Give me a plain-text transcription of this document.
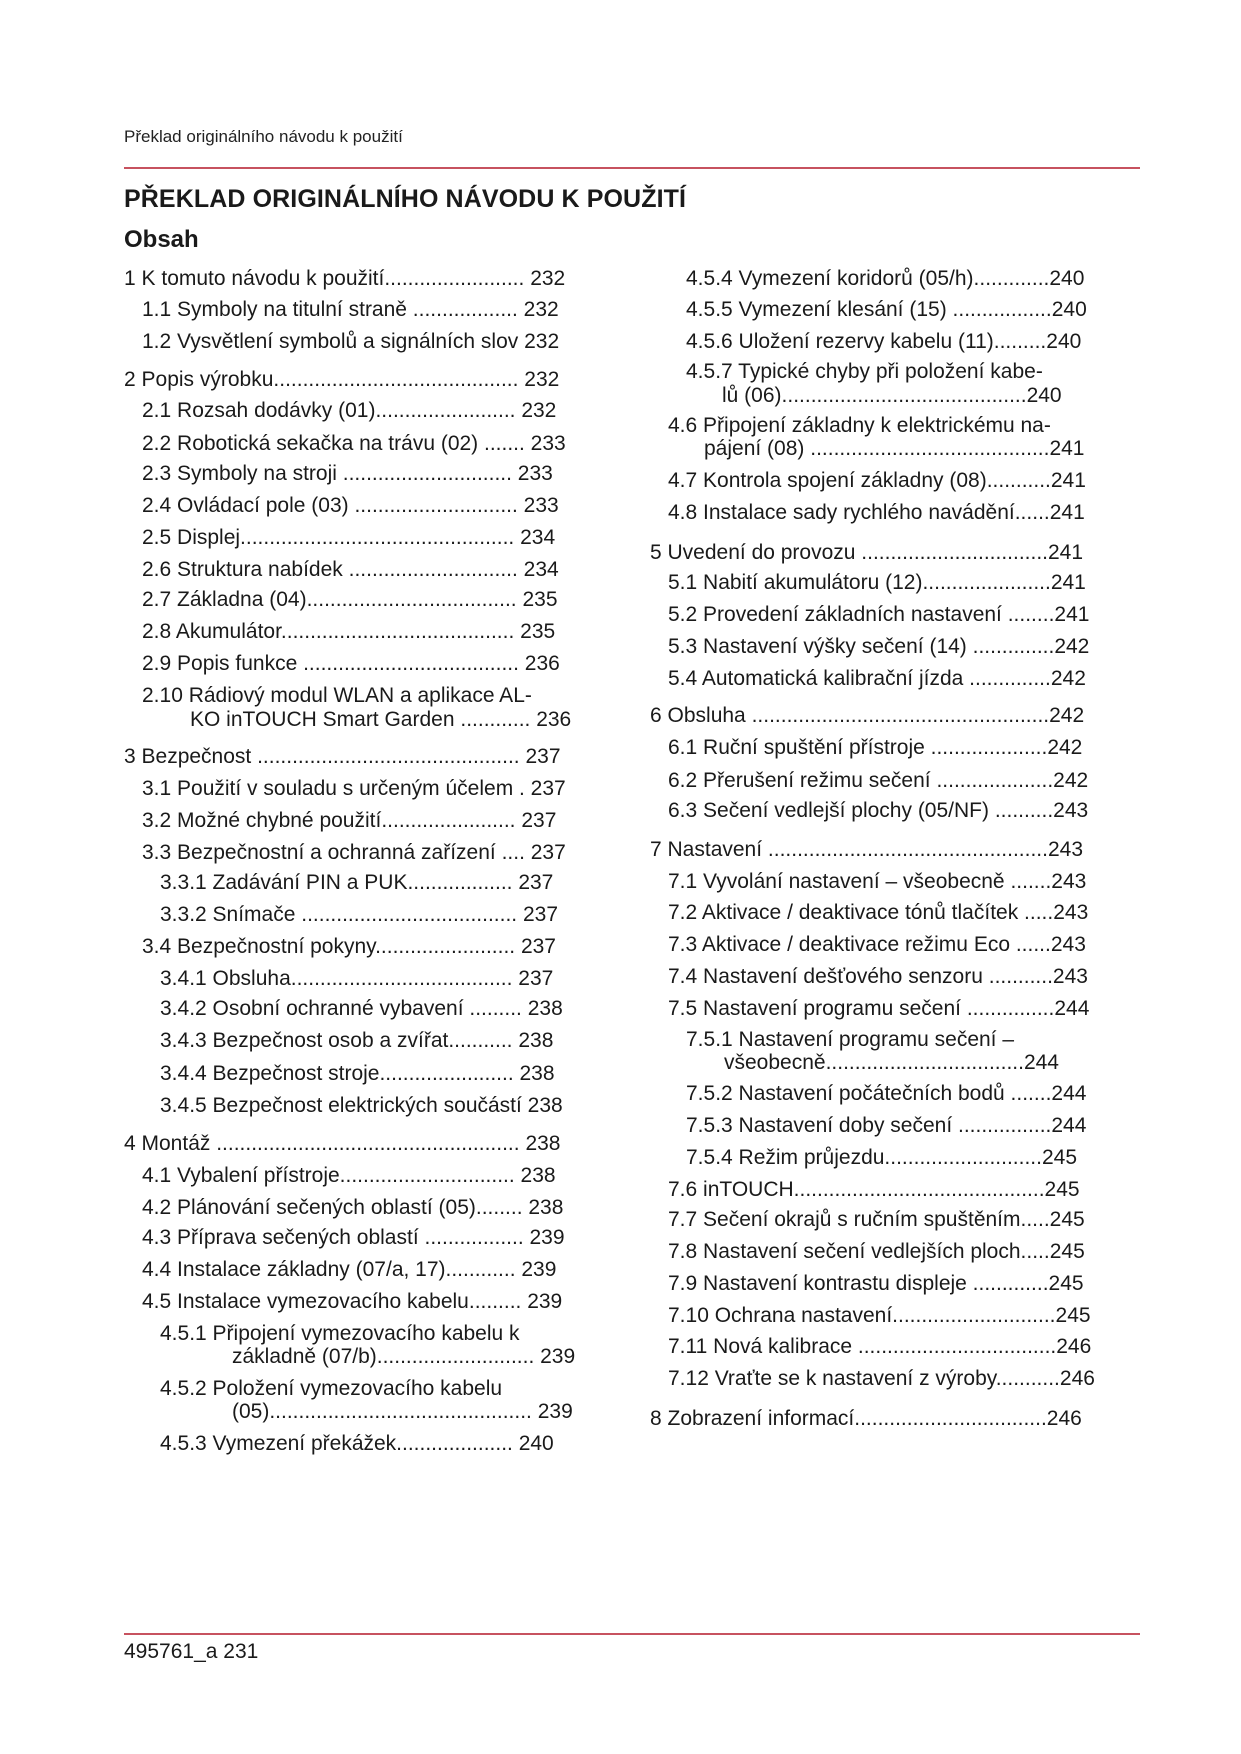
Překlad originálního návodu k použití
PŘEKLAD ORIGINÁLNÍHO NÁVODU K POUŽITÍ
Obsah
1 K tomuto návodu k použití........................ 232
1.1 Symboly na titulní straně .................. 232
1.2 Vysvětlení symbolů a signálních slov 232
2 Popis výrobku.......................................... 232
2.1 Rozsah dodávky (01)........................ 232
2.2 Robotická sekačka na trávu (02) ....... 233
2.3 Symboly na stroji ............................. 233
2.4 Ovládací pole (03) ............................ 233
2.5 Displej............................................... 234
2.6 Struktura nabídek ............................. 234
2.7 Základna (04).................................... 235
2.8 Akumulátor........................................ 235
2.9 Popis funkce ..................................... 236
2.10 Rádiový modul WLAN a aplikace AL-
KO inTOUCH Smart Garden ............ 236
3 Bezpečnost ............................................. 237
3.1 Použití v souladu s určeným účelem . 237
3.2 Možné chybné použití....................... 237
3.3 Bezpečnostní a ochranná zařízení .... 237
3.3.1 Zadávání PIN a PUK.................. 237
3.3.2 Snímače ..................................... 237
3.4 Bezpečnostní pokyny........................ 237
3.4.1 Obsluha...................................... 237
3.4.2 Osobní ochranné vybavení ......... 238
3.4.3 Bezpečnost osob a zvířat........... 238
3.4.4 Bezpečnost stroje....................... 238
3.4.5 Bezpečnost elektrických součástí 238
4 Montáž .................................................... 238
4.1 Vybalení přístroje.............................. 238
4.2 Plánování sečených oblastí (05)........ 238
4.3 Příprava sečených oblastí ................. 239
4.4 Instalace základny (07/a, 17)............ 239
4.5 Instalace vymezovacího kabelu......... 239
4.5.1 Připojení vymezovacího kabelu k
základně (07/b)........................... 239
4.5.2 Položení vymezovacího kabelu
(05)............................................. 239
4.5.3 Vymezení překážek.................... 240
4.5.4 Vymezení koridorů (05/h).............240
4.5.5 Vymezení klesání (15) .................240
4.5.6 Uložení rezervy kabelu (11).........240
4.5.7 Typické chyby při položení kabe-
lů (06)..........................................240
4.6 Připojení základny k elektrickému na-
pájení (08) .........................................241
4.7 Kontrola spojení základny (08)...........241
4.8 Instalace sady rychlého navádění......241
5 Uvedení do provozu ................................241
5.1 Nabití akumulátoru (12)......................241
5.2 Provedení základních nastavení ........241
5.3 Nastavení výšky sečení (14) ..............242
5.4 Automatická kalibrační jízda ..............242
6 Obsluha ...................................................242
6.1 Ruční spuštění přístroje ....................242
6.2 Přerušení režimu sečení ....................242
6.3 Sečení vedlejší plochy (05/NF) ..........243
7 Nastavení ................................................243
7.1 Vyvolání nastavení – všeobecně .......243
7.2 Aktivace / deaktivace tónů tlačítek .....243
7.3 Aktivace / deaktivace režimu Eco ......243
7.4 Nastavení dešťového senzoru ...........243
7.5 Nastavení programu sečení ...............244
7.5.1 Nastavení programu sečení –
všeobecně..................................244
7.5.2 Nastavení počátečních bodů .......244
7.5.3 Nastavení doby sečení ................244
7.5.4 Režim průjezdu...........................245
7.6 inTOUCH...........................................245
7.7 Sečení okrajů s ručním spuštěním.....245
7.8 Nastavení sečení vedlejších ploch.....245
7.9 Nastavení kontrastu displeje .............245
7.10 Ochrana nastavení............................245
7.11 Nová kalibrace ..................................246
7.12 Vraťte se k nastavení z výroby...........246
8 Zobrazení informací.................................246
495761_a 231
